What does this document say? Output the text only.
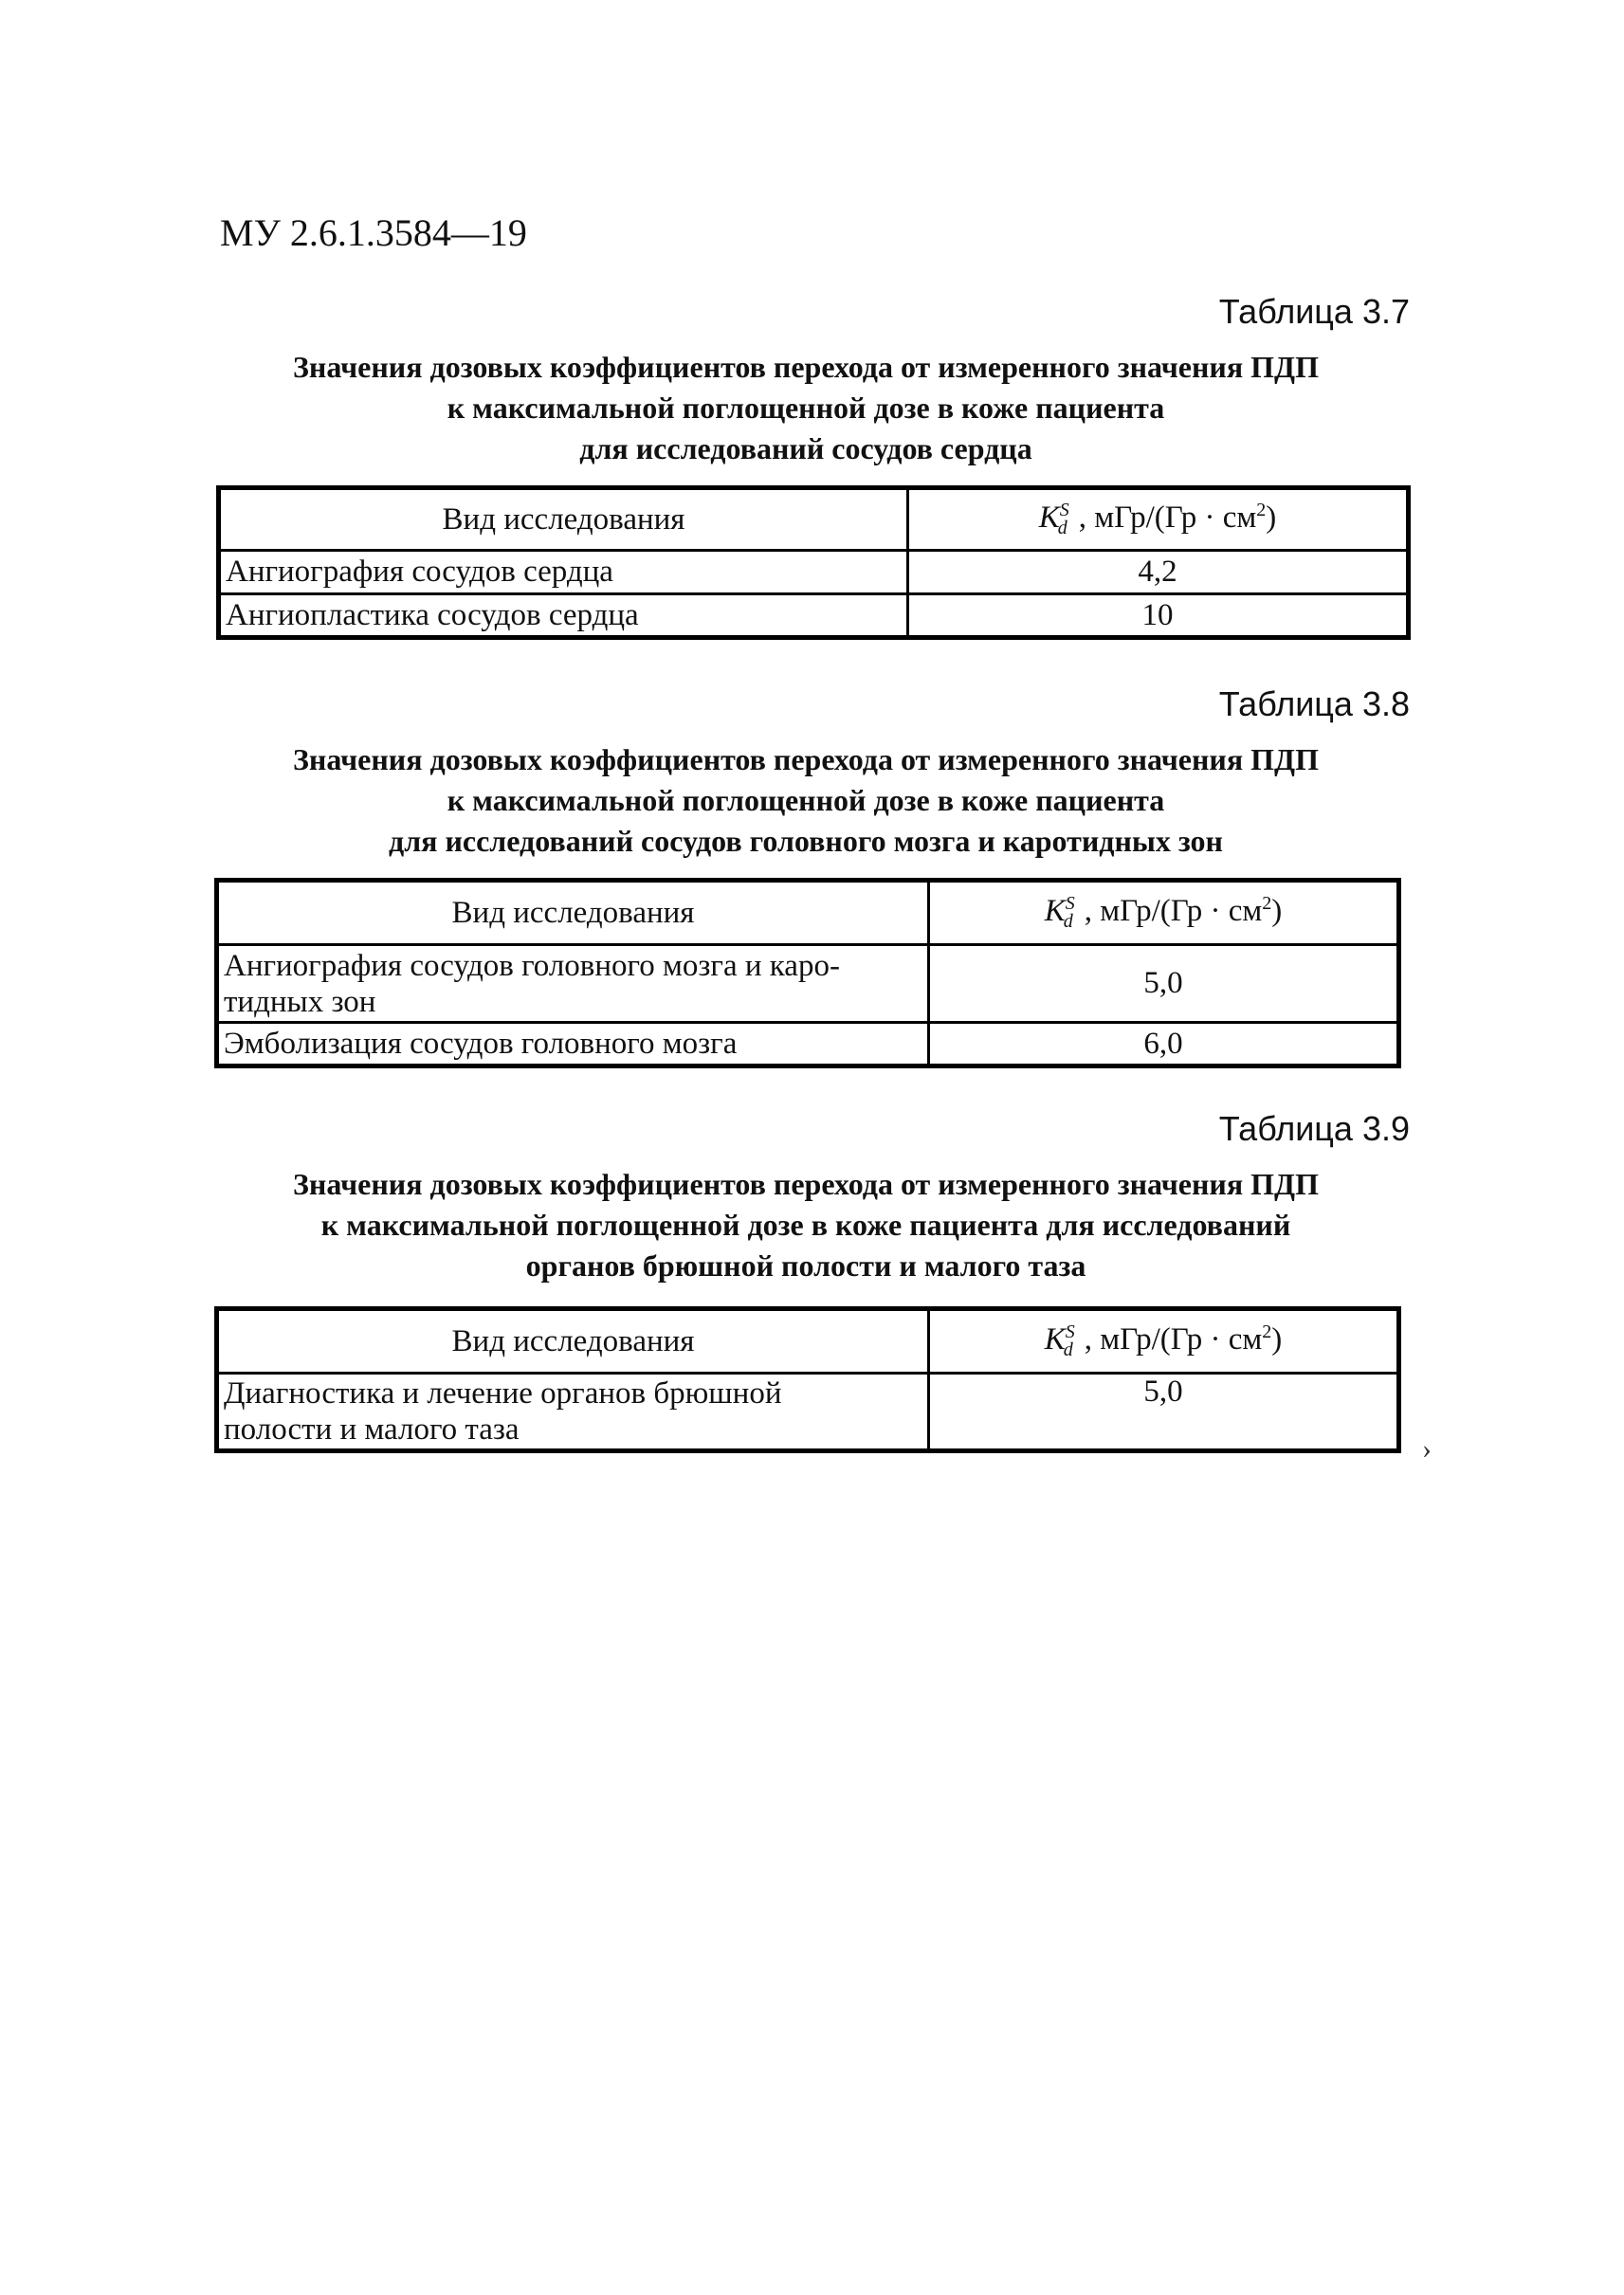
МУ 2.6.1.3584—19
Таблица 3.7
Значения дозовых коэффициентов перехода от измеренного значения ПДП
к максимальной поглощенной дозе в коже пациента
для исследований сосудов сердца
Вид исследования	$K^S_d$ , $мГр/(Гр \cdot см^2)$
Ангиография сосудов сердца	4,2
Ангиопластика сосудов сердца	10
Таблица 3.8
Значения дозовых коэффициентов перехода от измеренного значения ПДП
к максимальной поглощенной дозе в коже пациента
для исследований сосудов головного мозга и каротидных зон
Вид исследования	$K^S_d$ , $мГр/(Гр \cdot см^2)$

Ангиография сосудов головного мозга и каро-
тидных зон	5,0
Эмболизация сосудов головного мозга	6,0
Таблица 3.9
Значения дозовых коэффициентов перехода от измеренного значения ПДП
к максимальной поглощенной дозе в коже пациента для исследований
органов брюшной полости и малого таза
Вид исследования	$K^S_d$ , $мГр/(Гр \cdot см^2)$

Диагностика и лечение органов брюшной
полости и малого таза	5,0
›
